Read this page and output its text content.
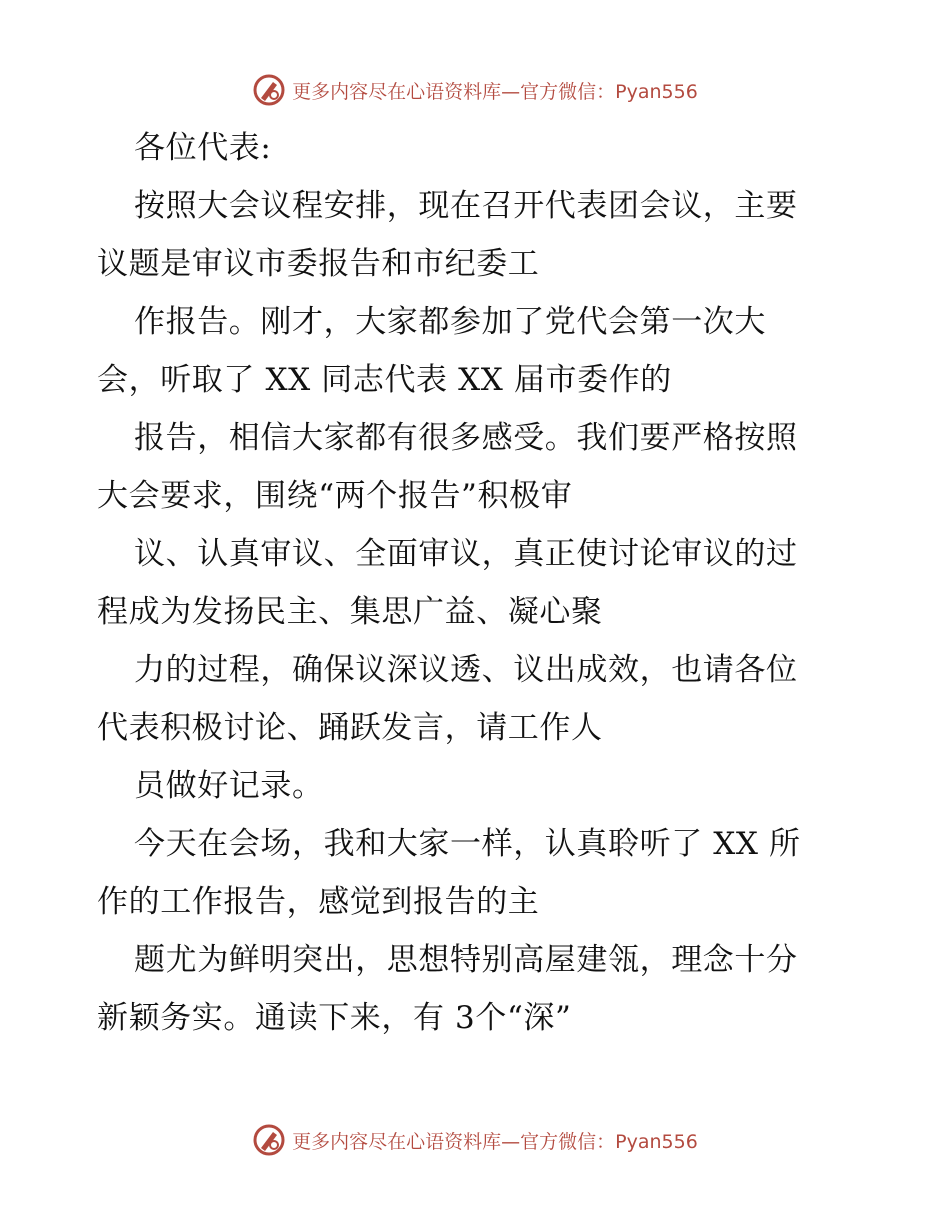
更多内容尽在心语资料库—官方微信：Pyan556
各位代表:
按照大会议程安排，现在召开代表团会议，主要
议题是审议市委报告和市纪委工
作报告。刚才，大家都参加了党代会第一次大
会，听取了 XX 同志代表 XX 届市委作的
报告，相信大家都有很多感受。我们要严格按照
大会要求，围绕“两个报告”积极审
议、认真审议、全面审议，真正使讨论审议的过
程成为发扬民主、集思广益、凝心聚
力的过程，确保议深议透、议出成效，也请各位
代表积极讨论、踊跃发言，请工作人
员做好记录。
今天在会场，我和大家一样，认真聆听了 XX 所
作的工作报告，感觉到报告的主
题尤为鲜明突出，思想特别高屋建瓴，理念十分
新颖务实。通读下来，有 3个“深”
更多内容尽在心语资料库—官方微信：Pyan556
